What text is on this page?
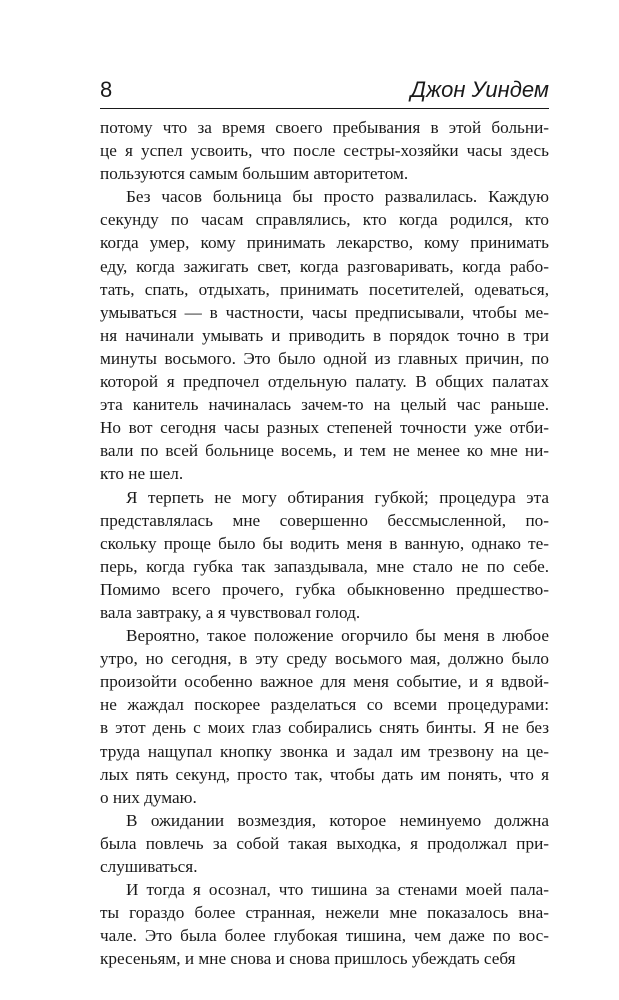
8	Джон Уиндем
потому что за время своего пребывания в этой больни-
це я успел усвоить, что после сестры-хозяйки часы здесь
пользуются самым большим авторитетом.
Без часов больница бы просто развалилась. Каждую
секунду по часам справлялись, кто когда родился, кто
когда умер, кому принимать лекарство, кому принимать
еду, когда зажигать свет, когда разговаривать, когда рабо-
тать, спать, отдыхать, принимать посетителей, одеваться,
умываться — в частности, часы предписывали, чтобы ме-
ня начинали умывать и приводить в порядок точно в три
минуты восьмого. Это было одной из главных причин, по
которой я предпочел отдельную палату. В общих палатах
эта канитель начиналась зачем-то на целый час раньше.
Но вот сегодня часы разных степеней точности уже отби-
вали по всей больнице восемь, и тем не менее ко мне ни-
кто не шел.
Я терпеть не могу обтирания губкой; процедура эта
представлялась мне совершенно бессмысленной, по-
скольку проще было бы водить меня в ванную, однако те-
перь, когда губка так запаздывала, мне стало не по себе.
Помимо всего прочего, губка обыкновенно предшество-
вала завтраку, а я чувствовал голод.
Вероятно, такое положение огорчило бы меня в любое
утро, но сегодня, в эту среду восьмого мая, должно было
произойти особенно важное для меня событие, и я вдвой-
не жаждал поскорее разделаться со всеми процедурами:
в этот день с моих глаз собирались снять бинты. Я не без
труда нащупал кнопку звонка и задал им трезвону на це-
лых пять секунд, просто так, чтобы дать им понять, что я
о них думаю.
В ожидании возмездия, которое неминуемо должна
была повлечь за собой такая выходка, я продолжал при-
слушиваться.
И тогда я осознал, что тишина за стенами моей пала-
ты гораздо более странная, нежели мне показалось вна-
чале. Это была более глубокая тишина, чем даже по вос-
кресеньям, и мне снова и снова пришлось убеждать себя
